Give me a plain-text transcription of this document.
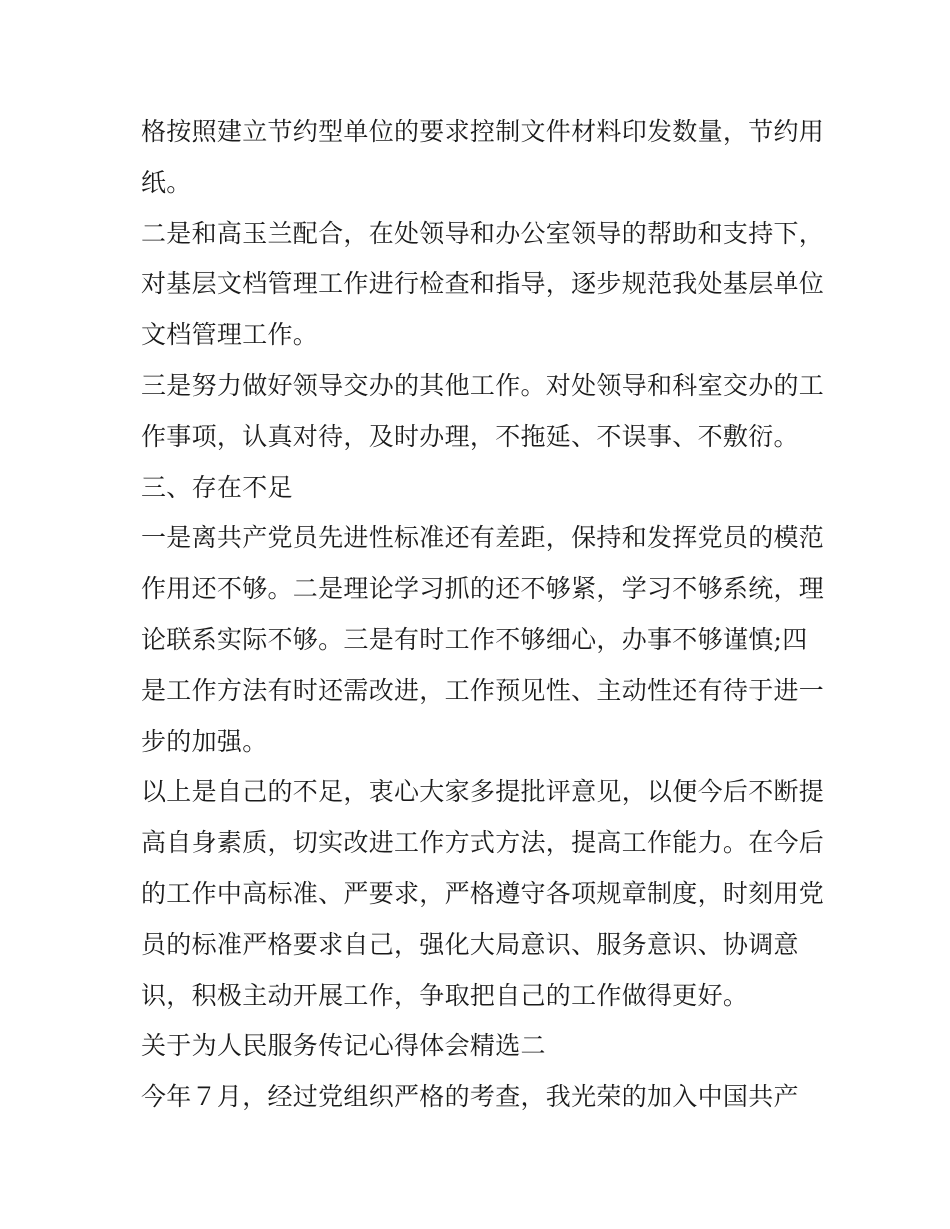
格按照建立节约型单位的要求控制文件材料印发数量，节约用
纸。
二是和高玉兰配合，在处领导和办公室领导的帮助和支持下，
对基层文档管理工作进行检查和指导，逐步规范我处基层单位
文档管理工作。
三是努力做好领导交办的其他工作。对处领导和科室交办的工
作事项，认真对待，及时办理，不拖延、不误事、不敷衍。
三、存在不足
一是离共产党员先进性标准还有差距，保持和发挥党员的模范
作用还不够。二是理论学习抓的还不够紧，学习不够系统，理
论联系实际不够。三是有时工作不够细心，办事不够谨慎;四
是工作方法有时还需改进，工作预见性、主动性还有待于进一
步的加强。
以上是自己的不足，衷心大家多提批评意见，以便今后不断提
高自身素质，切实改进工作方式方法，提高工作能力。在今后
的工作中高标准、严要求，严格遵守各项规章制度，时刻用党
员的标准严格要求自己，强化大局意识、服务意识、协调意
识，积极主动开展工作，争取把自己的工作做得更好。
关于为人民服务传记心得体会精选二
今年７月，经过党组织严格的考查，我光荣的加入中国共产
